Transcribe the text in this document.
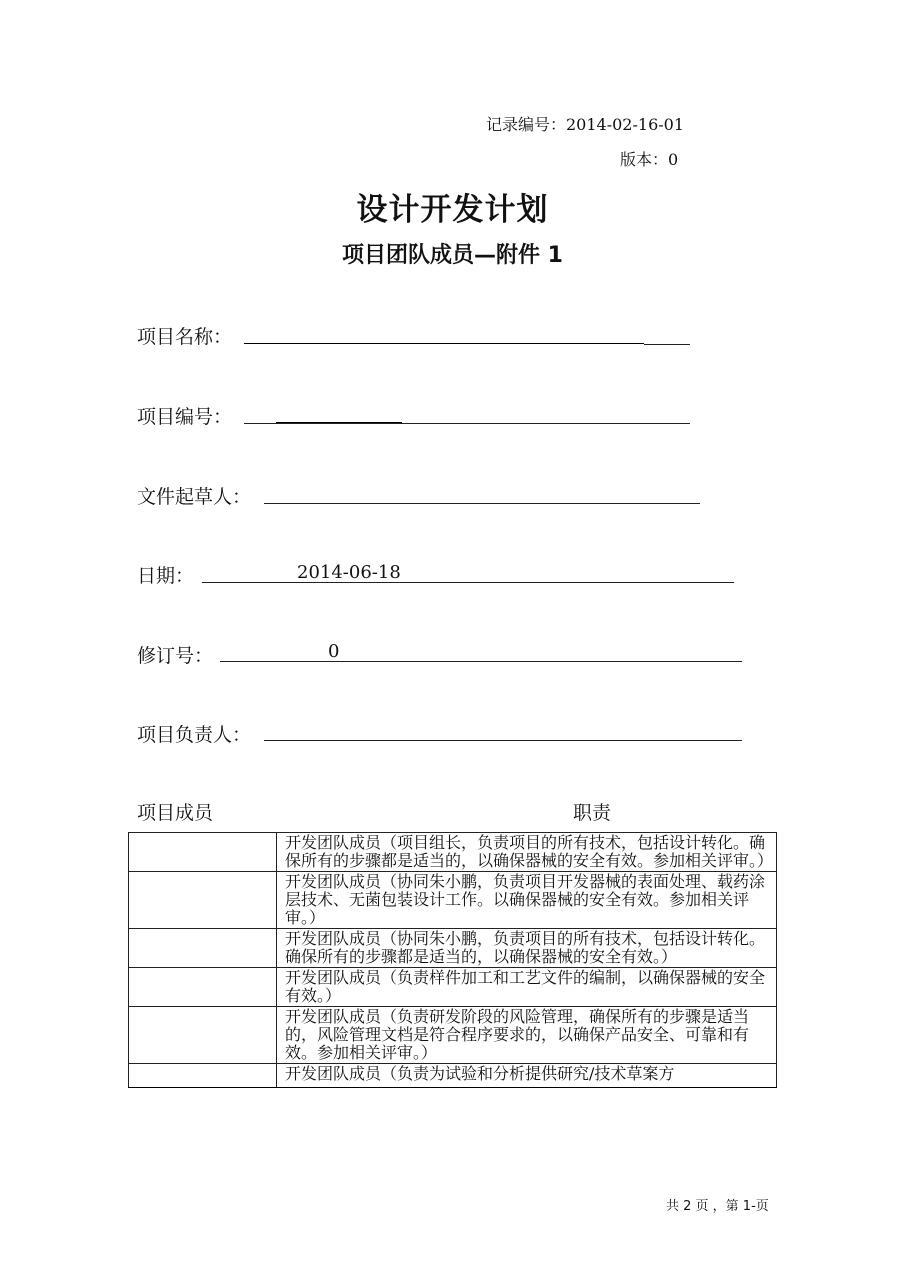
记录编号：2014-02-16-01
版本：0
设计开发计划
项目团队成员—附件 1
项目名称：
项目编号：
文件起草人：
日期：	2014-06-18
修订号：	0
项目负责人：
项目成员	职责
	开发团队成员（项目组长，负责项目的所有技术，包括设计转化。确保所有的步骤都是适当的，以确保器械的安全有效。参加相关评审。）
	开发团队成员（协同朱小鹏，负责项目开发器械的表面处理、载药涂层技术、无菌包装设计工作。以确保器械的安全有效。参加相关评审。）
	开发团队成员（协同朱小鹏，负责项目的所有技术，包括设计转化。确保所有的步骤都是适当的，以确保器械的安全有效。）
	开发团队成员（负责样件加工和工艺文件的编制，以确保器械的安全有效。）
	开发团队成员（负责研发阶段的风险管理，确保所有的步骤是适当的，风险管理文档是符合程序要求的，以确保产品安全、可靠和有效。参加相关评审。）
	开发团队成员（负责为试验和分析提供研究/技术草案方
共 2 页 ，第 1-页
